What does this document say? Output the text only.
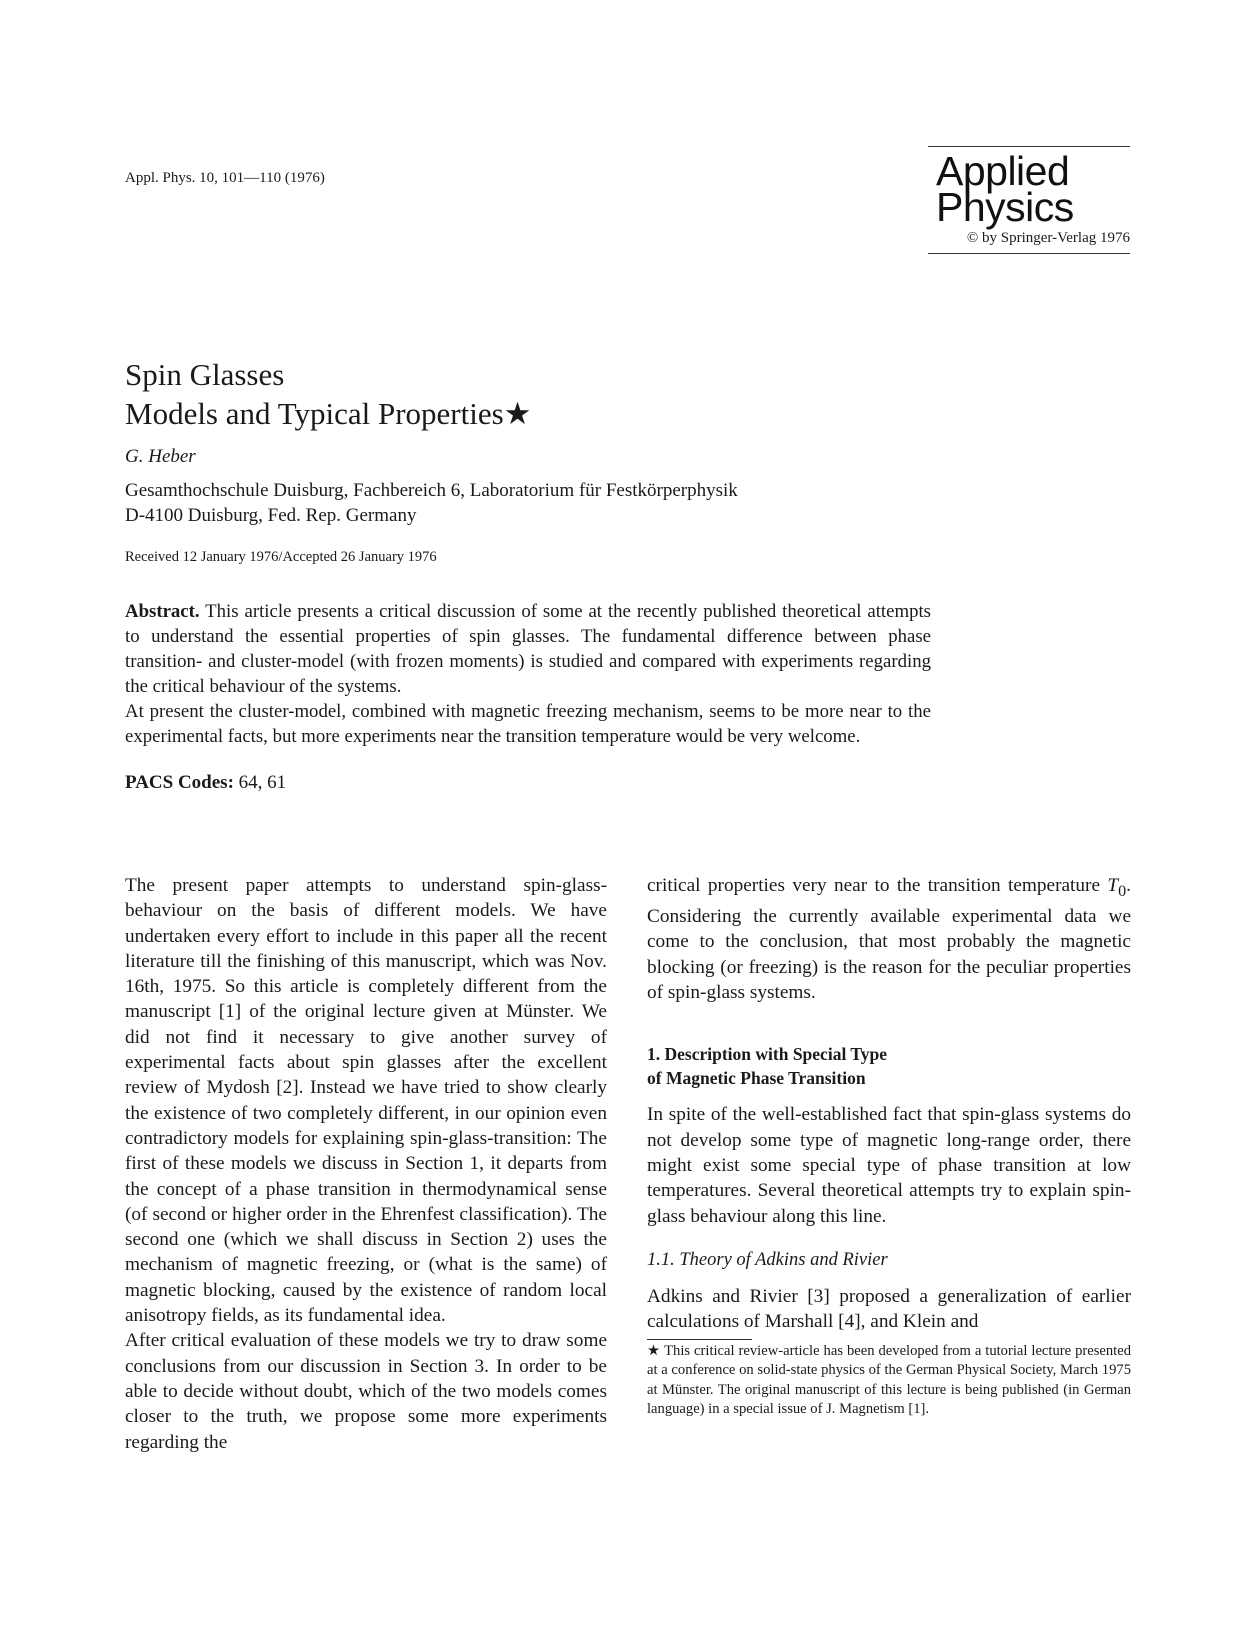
Appl. Phys. 10, 101—110 (1976)	Applied
Physics
© by Springer-Verlag 1976
Spin Glasses
Models and Typical Properties★
G. Heber
Gesamthochschule Duisburg, Fachbereich 6, Laboratorium für Festkörperphysik
D-4100 Duisburg, Fed. Rep. Germany
Received 12 January 1976/Accepted 26 January 1976

Abstract. This article presents a critical discussion of some at the recently published theoretical attempts to understand the essential properties of spin glasses. The fundamental difference between phase transition- and cluster-model (with frozen moments) is studied and compared with experiments regarding the critical behaviour of the systems.

At present the cluster-model, combined with magnetic freezing mechanism, seems to be more near to the experimental facts, but more experiments near the transition temperature would be very welcome.

PACS Codes: 64, 61

The present paper attempts to understand spin-glass-behaviour on the basis of different models. We have undertaken every effort to include in this paper all the recent literature till the finishing of this manuscript, which was Nov. 16th, 1975. So this article is completely different from the manuscript [1] of the original lecture given at Münster. We did not find it necessary to give another survey of experimental facts about spin glasses after the excellent review of Mydosh [2]. Instead we have tried to show clearly the existence of two completely different, in our opinion even contradictory models for explaining spin-glass-transition: The first of these models we discuss in Section 1, it departs from the concept of a phase transition in thermodynamical sense (of second or higher order in the Ehrenfest classification). The second one (which we shall discuss in Section 2) uses the mechanism of magnetic freezing, or (what is the same) of magnetic blocking, caused by the existence of random local anisotropy fields, as its fundamental idea.

After critical evaluation of these models we try to draw some conclusions from our discussion in Section 3. In order to be able to decide without doubt, which of the two models comes closer to the truth, we propose some more experiments regarding the

critical properties very near to the transition temperature $T_0$. Considering the currently available experimental data we come to the conclusion, that most probably the magnetic blocking (or freezing) is the reason for the peculiar properties of spin-glass systems.

1. Description with Special Type
of Magnetic Phase Transition

In spite of the well-established fact that spin-glass systems do not develop some type of magnetic long-range order, there might exist some special type of phase transition at low temperatures. Several theoretical attempts try to explain spin-glass behaviour along this line.

1.1. Theory of Adkins and Rivier

Adkins and Rivier [3] proposed a generalization of earlier calculations of Marshall [4], and Klein and

★ This critical review-article has been developed from a tutorial lecture presented at a conference on solid-state physics of the German Physical Society, March 1975 at Münster. The original manuscript of this lecture is being published (in German language) in a special issue of J. Magnetism [1].
